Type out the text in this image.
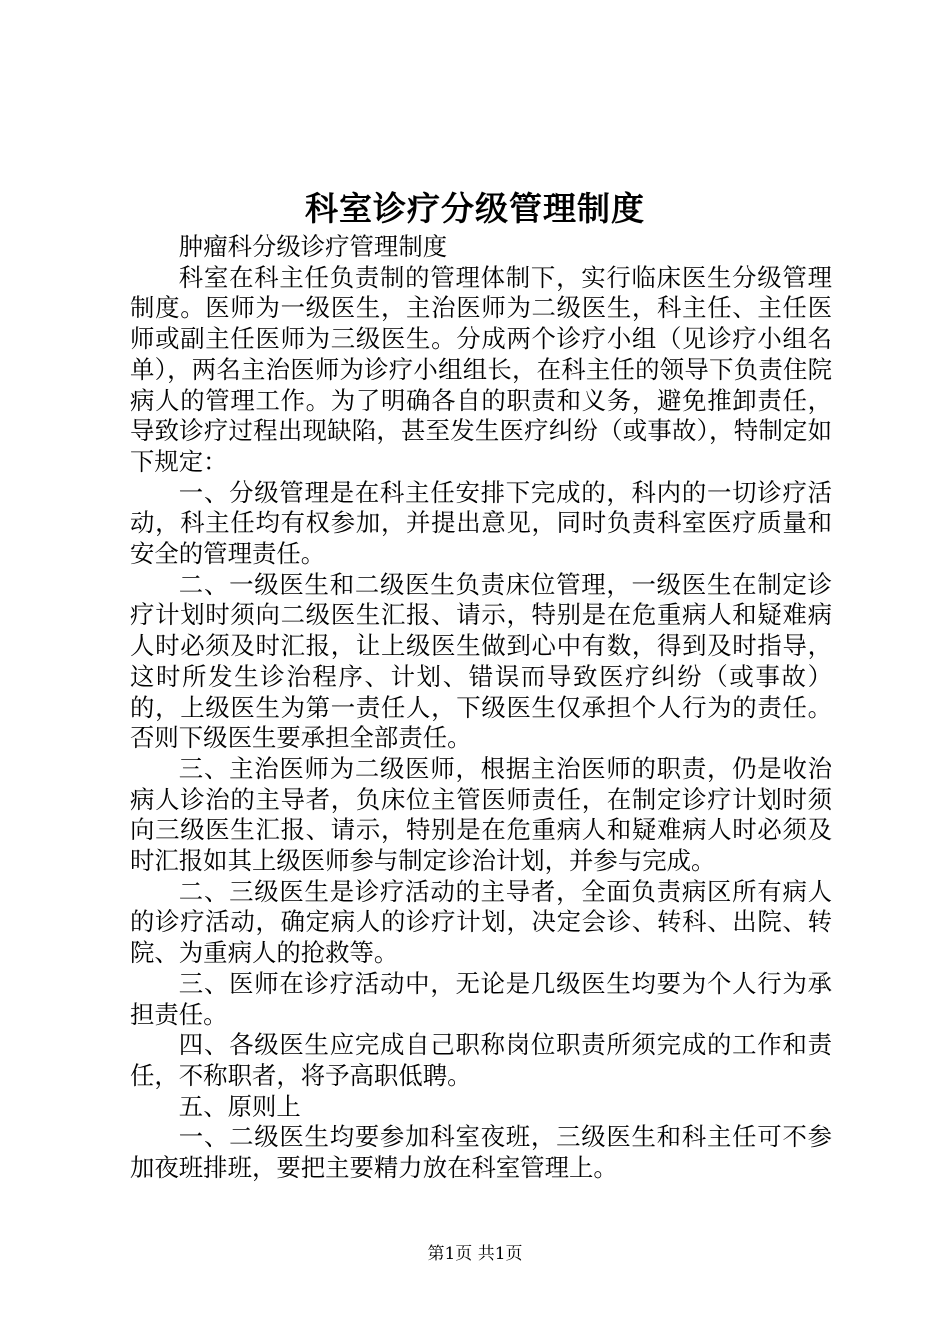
科室诊疗分级管理制度

肿瘤科分级诊疗管理制度

科室在科主任负责制的管理体制下，实行临床医生分级管理制度。医师为一级医生，主治医师为二级医生，科主任、主任医师或副主任医师为三级医生。分成两个诊疗小组（见诊疗小组名单），两名主治医师为诊疗小组组长，在科主任的领导下负责住院病人的管理工作。为了明确各自的职责和义务，避免推卸责任，导致诊疗过程出现缺陷，甚至发生医疗纠纷（或事故），特制定如下规定：

一、分级管理是在科主任安排下完成的，科内的一切诊疗活动，科主任均有权参加，并提出意见，同时负责科室医疗质量和安全的管理责任。

二、一级医生和二级医生负责床位管理，一级医生在制定诊疗计划时须向二级医生汇报、请示，特别是在危重病人和疑难病人时必须及时汇报，让上级医生做到心中有数，得到及时指导，这时所发生诊治程序、计划、错误而导致医疗纠纷（或事故）的，上级医生为第一责任人，下级医生仅承担个人行为的责任。否则下级医生要承担全部责任。

三、主治医师为二级医师，根据主治医师的职责，仍是收治病人诊治的主导者，负床位主管医师责任，在制定诊疗计划时须向三级医生汇报、请示，特别是在危重病人和疑难病人时必须及时汇报如其上级医师参与制定诊治计划，并参与完成。

二、三级医生是诊疗活动的主导者，全面负责病区所有病人的诊疗活动，确定病人的诊疗计划，决定会诊、转科、出院、转院、为重病人的抢救等。

三、医师在诊疗活动中，无论是几级医生均要为个人行为承担责任。

四、各级医生应完成自己职称岗位职责所须完成的工作和责任，不称职者，将予高职低聘。

五、原则上

一、二级医生均要参加科室夜班，三级医生和科主任可不参加夜班排班，要把主要精力放在科室管理上。

第1页 共1页
